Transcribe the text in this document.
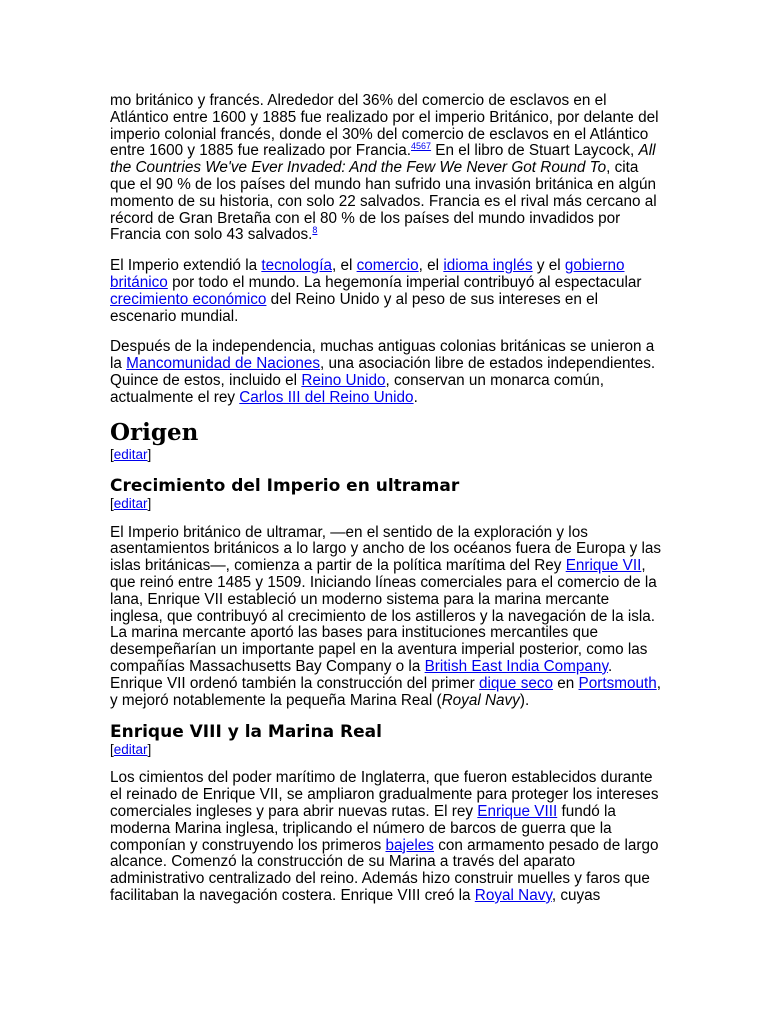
mo británico y francés. Alrededor del 36% del comercio de esclavos en el Atlántico entre 1600 y 1885 fue realizado por el imperio Británico, por delante del imperio colonial francés, donde el 30% del comercio de esclavos en el Atlántico entre 1600 y 1885 fue realizado por Francia.$^{4567}$ En el libro de Stuart Laycock, All the Countries We've Ever Invaded: And the Few We Never Got Round To, cita que el 90 % de los países del mundo han sufrido una invasión británica en algún momento de su historia, con solo 22 salvados. Francia es el rival más cercano al récord de Gran Bretaña con el 80 % de los países del mundo invadidos por Francia con solo 43 salvados.$^8$

El Imperio extendió la tecnología, el comercio, el idioma inglés y el gobierno británico por todo el mundo. La hegemonía imperial contribuyó al espectacular crecimiento económico del Reino Unido y al peso de sus intereses en el escenario mundial.

Después de la independencia, muchas antiguas colonias británicas se unieron a la Mancomunidad de Naciones, una asociación libre de estados independientes. Quince de estos, incluido el Reino Unido, conservan un monarca común, actualmente el rey Carlos III del Reino Unido.

Origen

[editar]

Crecimiento del Imperio en ultramar

[editar]

El Imperio británico de ultramar, —en el sentido de la exploración y los asentamientos británicos a lo largo y ancho de los océanos fuera de Europa y las islas británicas—, comienza a partir de la política marítima del Rey Enrique VII, que reinó entre 1485 y 1509. Iniciando líneas comerciales para el comercio de la lana, Enrique VII estableció un moderno sistema para la marina mercante inglesa, que contribuyó al crecimiento de los astilleros y la navegación de la isla. La marina mercante aportó las bases para instituciones mercantiles que desempeñarían un importante papel en la aventura imperial posterior, como las compañías Massachusetts Bay Company o la British East India Company. Enrique VII ordenó también la construcción del primer dique seco en Portsmouth, y mejoró notablemente la pequeña Marina Real (Royal Navy).

Enrique VIII y la Marina Real

[editar]

Los cimientos del poder marítimo de Inglaterra, que fueron establecidos durante el reinado de Enrique VII, se ampliaron gradualmente para proteger los intereses comerciales ingleses y para abrir nuevas rutas. El rey Enrique VIII fundó la moderna Marina inglesa, triplicando el número de barcos de guerra que la componían y construyendo los primeros bajeles con armamento pesado de largo alcance. Comenzó la construcción de su Marina a través del aparato administrativo centralizado del reino. Además hizo construir muelles y faros que facilitaban la navegación costera. Enrique VIII creó la Royal Navy, cuyas
